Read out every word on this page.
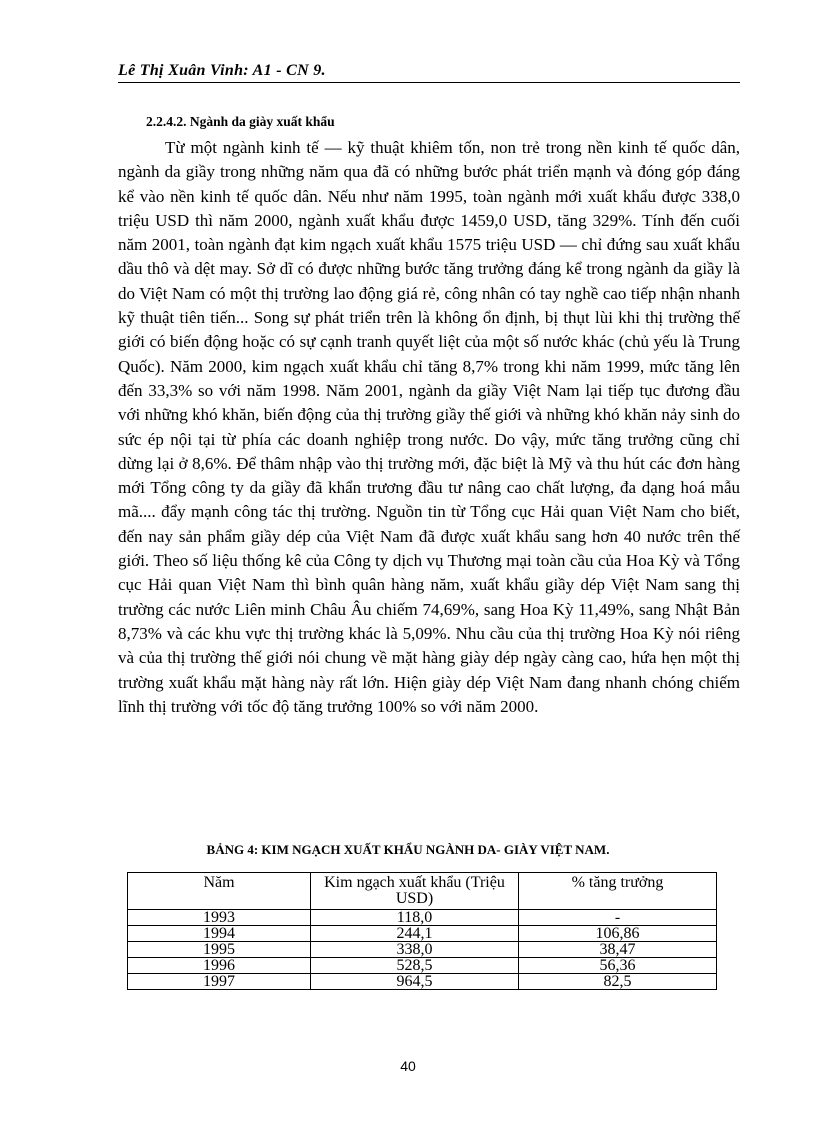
Lê Thị Xuân Vinh: A1 - CN 9.
2.2.4.2. Ngành da giày xuất khẩu

Từ một ngành kinh tế — kỹ thuật khiêm tốn, non trẻ trong nền kinh tế quốc dân, ngành da giầy trong những năm qua đã có những bước phát triển mạnh và đóng góp đáng kể vào nền kinh tế quốc dân. Nếu như năm 1995, toàn ngành mới xuất khẩu được 338,0 triệu USD thì năm 2000, ngành xuất khẩu được 1459,0 USD, tăng 329%. Tính đến cuối năm 2001, toàn ngành đạt kim ngạch xuất khẩu 1575 triệu USD — chỉ đứng sau xuất khẩu dầu thô và dệt may. Sở dĩ có được những bước tăng trưởng đáng kể trong ngành da giầy là do Việt Nam có một thị trường lao động giá rẻ, công nhân có tay nghề cao tiếp nhận nhanh kỹ thuật tiên tiến... Song sự phát triển trên là không ổn định, bị thụt lùi khi thị trường thế giới có biến động hoặc có sự cạnh tranh quyết liệt của một số nước khác (chủ yếu là Trung Quốc). Năm 2000, kim ngạch xuất khẩu chỉ tăng 8,7% trong khi năm 1999, mức tăng lên đến 33,3% so với năm 1998. Năm 2001, ngành da giầy Việt Nam lại tiếp tục đương đầu với những khó khăn, biến động của thị trường giầy thế giới và những khó khăn nảy sinh do sức ép nội tại từ phía các doanh nghiệp trong nước. Do vậy, mức tăng trưởng cũng chỉ dừng lại ở 8,6%. Để thâm nhập vào thị trường mới, đặc biệt là Mỹ và thu hút các đơn hàng mới Tổng công ty da giầy đã khẩn trương đầu tư nâng cao chất lượng, đa dạng hoá mẫu mã.... đẩy mạnh công tác thị trường. Nguồn tin từ Tổng cục Hải quan Việt Nam cho biết, đến nay sản phẩm giầy dép của Việt Nam đã được xuất khẩu sang hơn 40 nước trên thế giới. Theo số liệu thống kê của Công ty dịch vụ Thương mại toàn cầu của Hoa Kỳ và Tổng cục Hải quan Việt Nam thì bình quân hàng năm, xuất khẩu giầy dép Việt Nam sang thị trường các nước Liên minh Châu Âu chiếm 74,69%, sang Hoa Kỳ 11,49%, sang Nhật Bản 8,73% và các khu vực thị trường khác là 5,09%. Nhu cầu của thị trường Hoa Kỳ nói riêng và của thị trường thế giới nói chung về mặt hàng giày dép ngày càng cao, hứa hẹn một thị trường xuất khẩu mặt hàng này rất lớn. Hiện giày dép Việt Nam đang nhanh chóng chiếm lĩnh thị trường với tốc độ tăng trưởng 100% so với năm 2000.

BẢNG 4: KIM NGẠCH XUẤT KHẨU NGÀNH DA- GIÀY VIỆT NAM.
Năm	Kim ngạch xuất khẩu (Triệu USD)	% tăng trưởng
1993	118,0	-
1994	244,1	106,86
1995	338,0	38,47
1996	528,5	56,36
1997	964,5	82,5
40
